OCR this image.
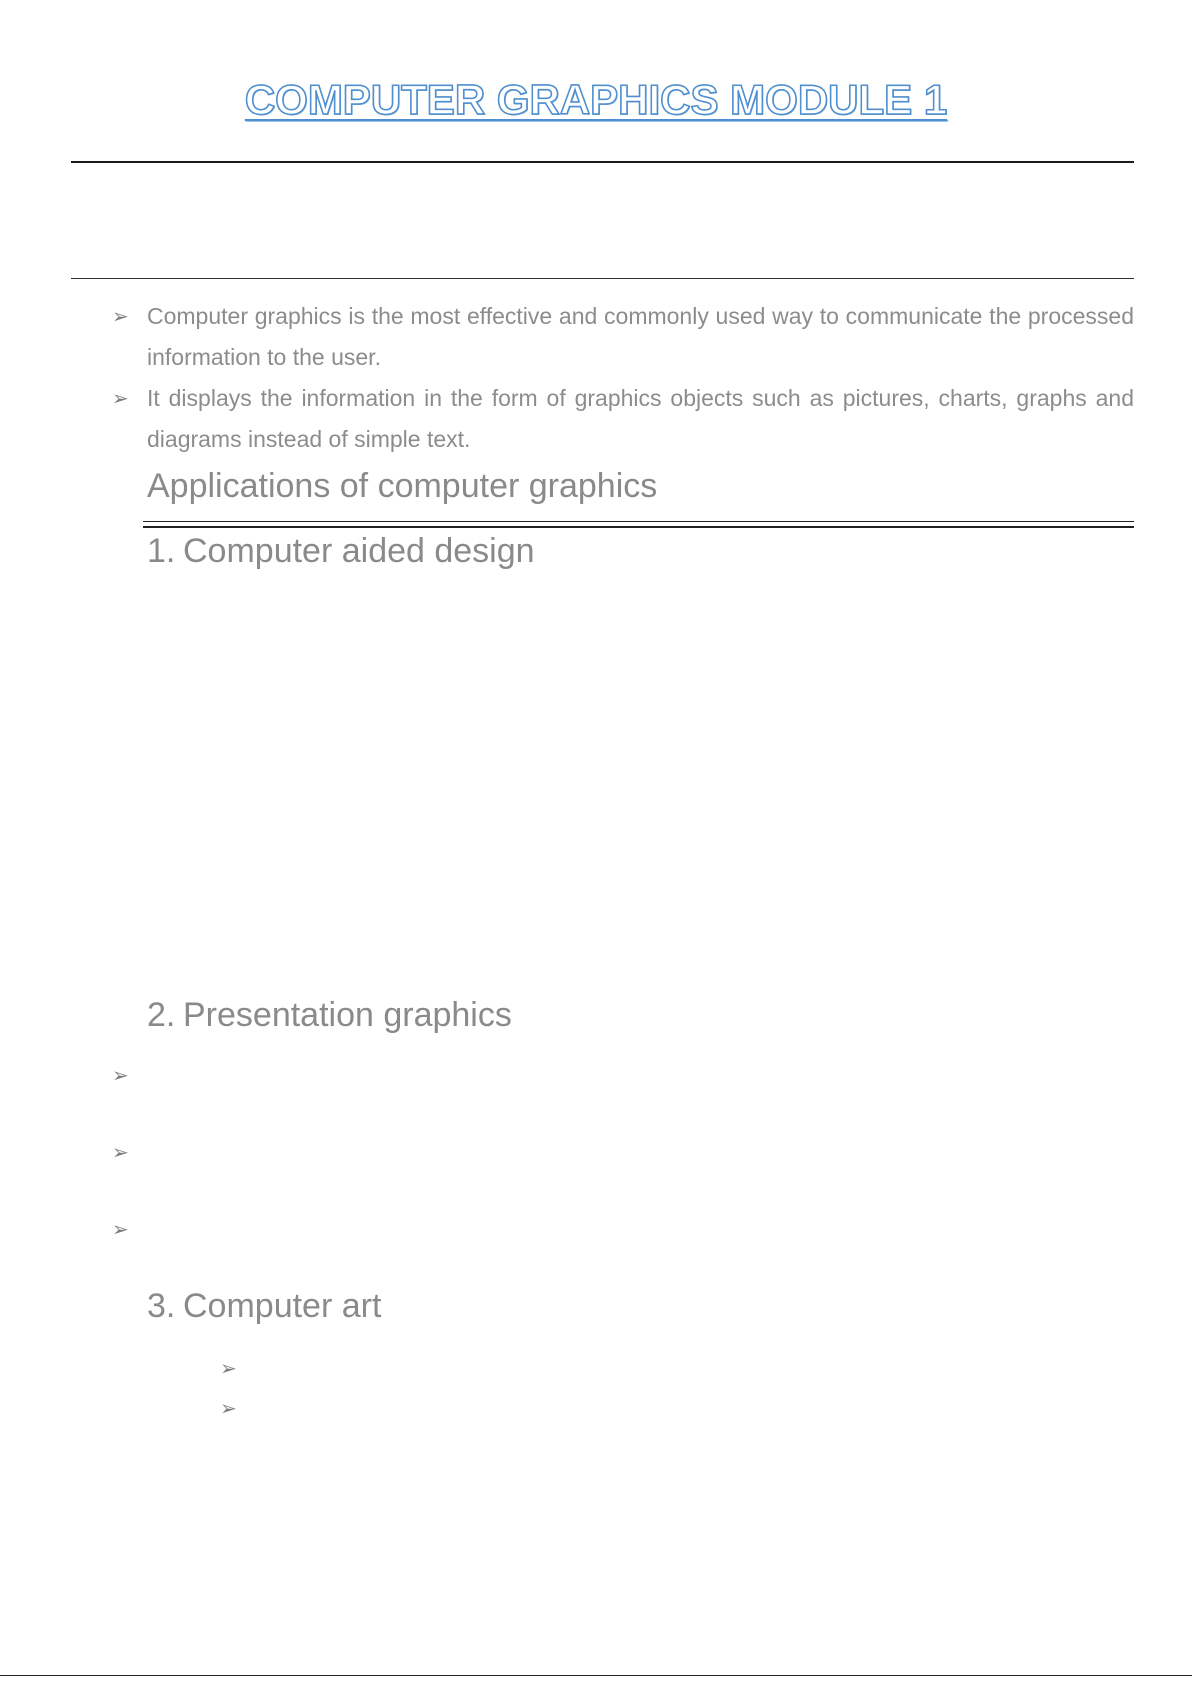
COMPUTER GRAPHICS MODULE 1
➢ Computer graphics is the most effective and commonly used way to communicate the processed information to the user.
➢ It displays the information in the form of graphics objects such as pictures, charts, graphs and diagrams instead of simple text.
Applications of computer graphics
1. Computer aided design
2. Presentation graphics
➢
➢
➢
3. Computer art
➢
➢
